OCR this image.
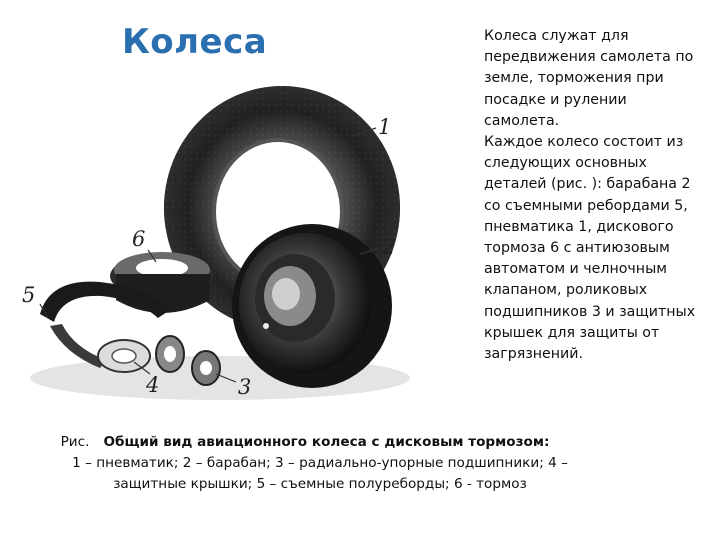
Колеса
1
2
3
4
5
6

Колеса служат для передвижения самолета по земле, торможения при посадке и рулении самолета.

Каждое колесо состоит из следующих основных деталей (рис. ): барабана 2 со съемными ребордами 5, пневматика 1, дискового тормоза 6 с антиюзовым автоматом и челночным клапаном, роликовых подшипников 3 и защитных крышек для защиты от загрязнений.

Рис. Общий вид авиационного колеса с дисковым тормозом:
1 – пневматик; 2 – барабан; 3 – радиально-упорные подшипники; 4 –
защитные крышки; 5 – съемные полуреборды; 6 - тормоз
